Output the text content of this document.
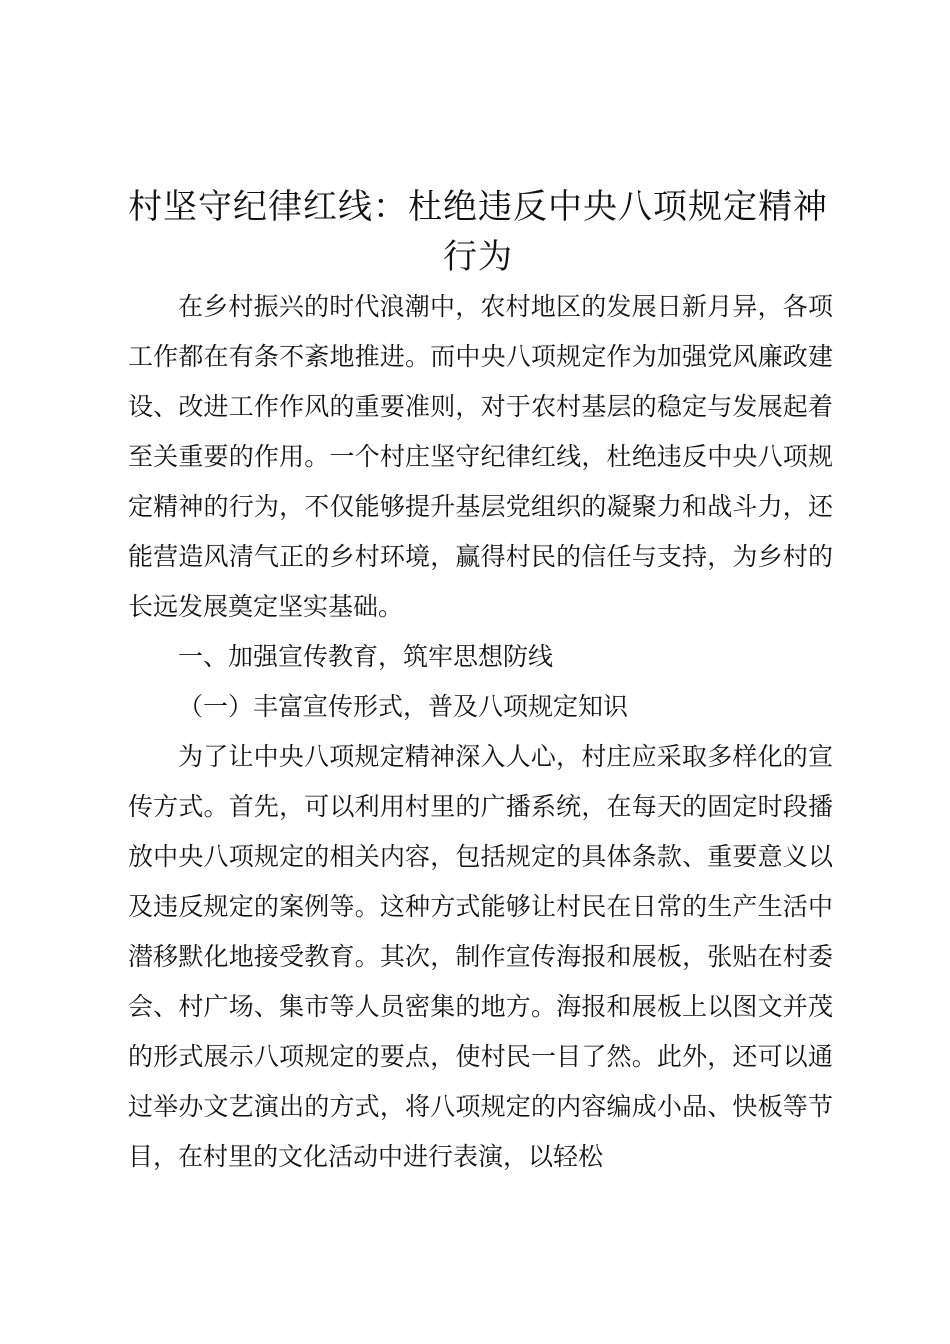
村坚守纪律红线：杜绝违反中央八项规定精神行为

在乡村振兴的时代浪潮中，农村地区的发展日新月异，各项工作都在有条不紊地推进。而中央八项规定作为加强党风廉政建设、改进工作作风的重要准则，对于农村基层的稳定与发展起着至关重要的作用。一个村庄坚守纪律红线，杜绝违反中央八项规定精神的行为，不仅能够提升基层党组织的凝聚力和战斗力，还能营造风清气正的乡村环境，赢得村民的信任与支持，为乡村的长远发展奠定坚实基础。

一、加强宣传教育，筑牢思想防线

（一）丰富宣传形式，普及八项规定知识

为了让中央八项规定精神深入人心，村庄应采取多样化的宣传方式。首先，可以利用村里的广播系统，在每天的固定时段播放中央八项规定的相关内容，包括规定的具体条款、重要意义以及违反规定的案例等。这种方式能够让村民在日常的生产生活中潜移默化地接受教育。其次，制作宣传海报和展板，张贴在村委会、村广场、集市等人员密集的地方。海报和展板上以图文并茂的形式展示八项规定的要点，使村民一目了然。此外，还可以通过举办文艺演出的方式，将八项规定的内容编成小品、快板等节目，在村里的文化活动中进行表演，以轻松
